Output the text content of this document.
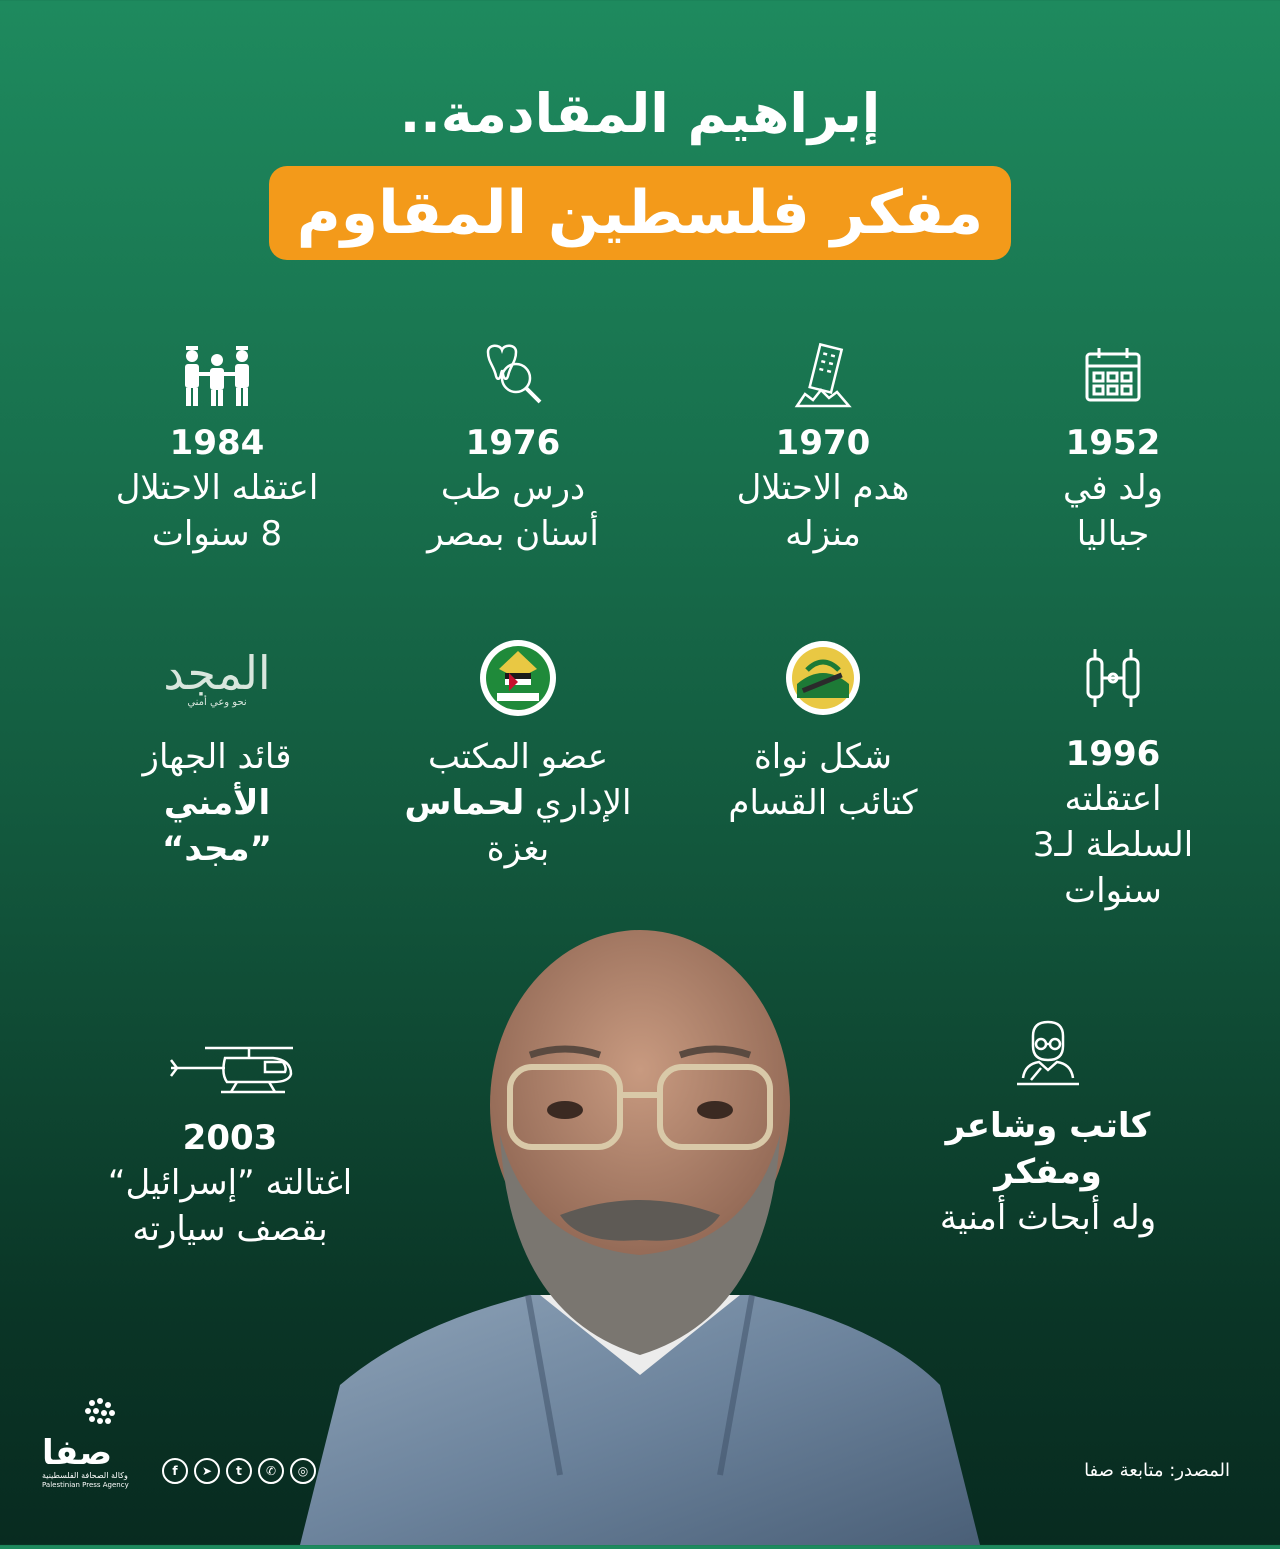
إبراهيم المقادمة..
مفكر فلسطين المقاوم
1952
ولد في
جباليا
1970
هدم الاحتلال
منزله
1976
درس طب
أسنان بمصر
1984
اعتقله الاحتلال
8 سنوات
1996
اعتقلته
السلطة لـ3
سنوات
شكل نواة
كتائب القسام
عضو المكتب
الإداري لحماس
بغزة
المجد
نحو وعي أمني
قائد الجهاز
الأمني
”مجد“
كاتب وشاعر
ومفكر
وله أبحاث أمنية
2003
اغتالته ”إسرائيل“
بقصف سيارته
صفا
وكالة الصحافة الفلسطينية
Palestinian Press Agency
f	➤	t	✆	◎	المصدر: متابعة صفا
